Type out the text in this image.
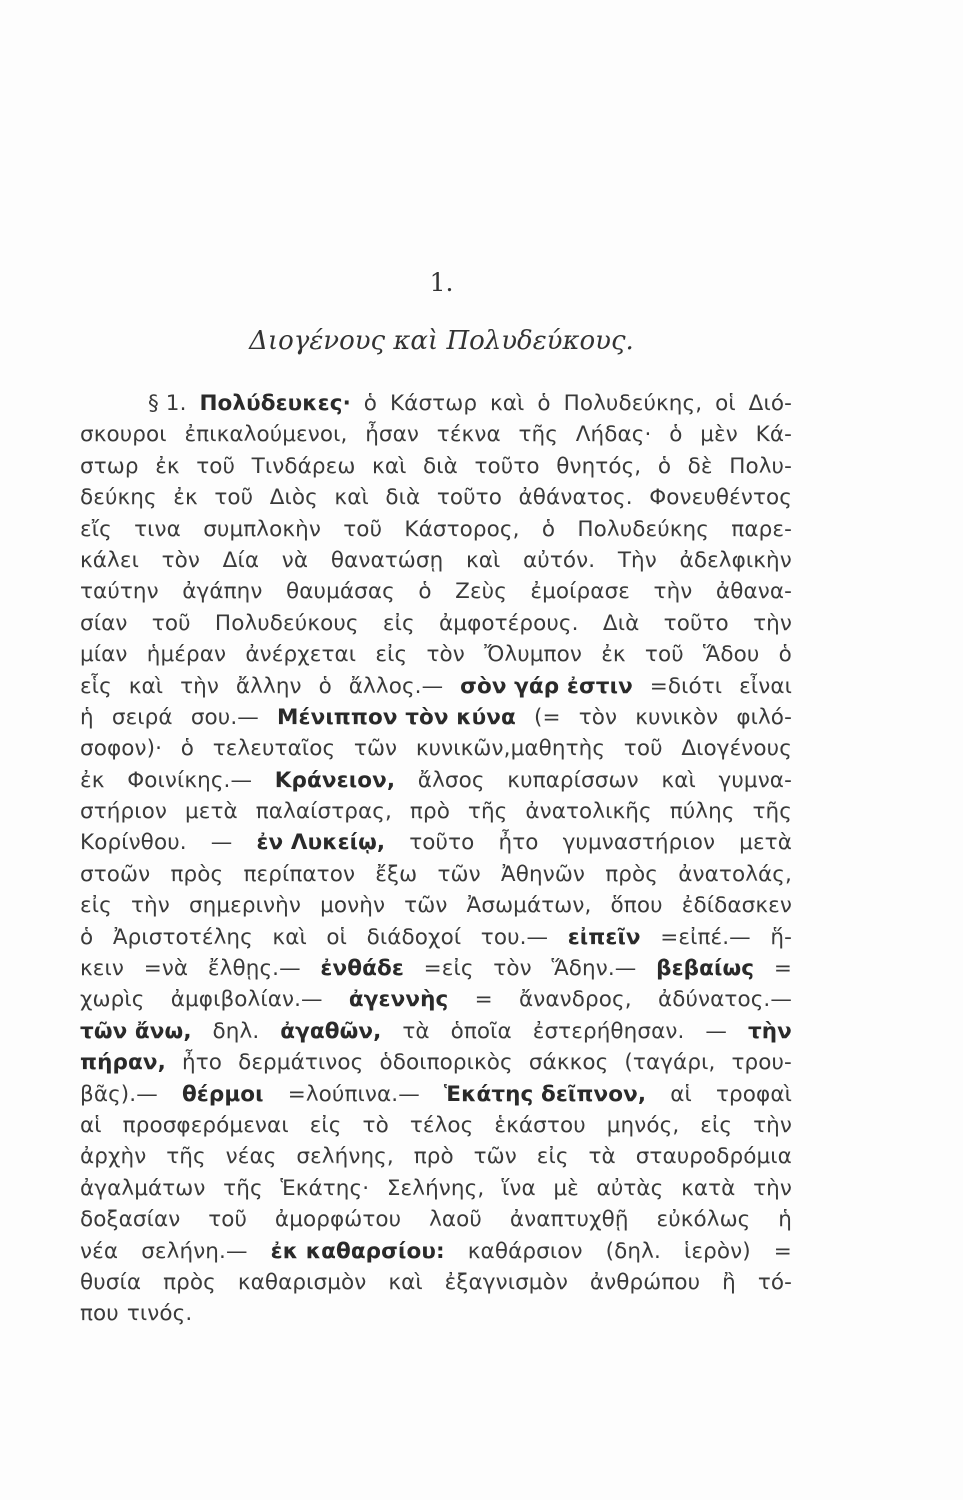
1.
Διογένους καὶ Πολυδεύκους.
§ 1. Πολύδευκες· ὁ Κάστωρ καὶ ὁ Πολυδεύκης, οἱ Διό-
σκουροι ἐπικαλούμενοι, ἦσαν τέκνα τῆς Λήδας· ὁ μὲν Κά-
στωρ ἐκ τοῦ Τινδάρεω καὶ διὰ τοῦτο θνητός, ὁ δὲ Πολυ-
δεύκης ἐκ τοῦ Διὸς καὶ διὰ τοῦτο ἀθάνατος. Φονευθέντος
εἴς τινα συμπλοκὴν τοῦ Κάστορος, ὁ Πολυδεύκης παρε-
κάλει τὸν Δία νὰ θανατώσῃ καὶ αὐτόν. Τὴν ἀδελφικὴν
ταύτην ἀγάπην θαυμάσας ὁ Ζεὺς ἐμοίρασε τὴν ἀθανα-
σίαν τοῦ Πολυδεύκους εἰς ἀμφοτέρους. Διὰ τοῦτο τὴν
μίαν ἡμέραν ἀνέρχεται εἰς τὸν Ὄλυμπον ἐκ τοῦ Ἅδου ὁ
εἷς καὶ τὴν ἄλλην ὁ ἄλλος.— σὸν γάρ ἐστιν =διότι εἶναι
ἡ σειρά σου.— Μένιππον τὸν κύνα (= τὸν κυνικὸν φιλό-
σοφον)· ὁ τελευταῖος τῶν κυνικῶν,μαθητὴς τοῦ Διογένους
ἐκ Φοινίκης.— Κράνειον, ἄλσος κυπαρίσσων καὶ γυμνα-
στήριον μετὰ παλαίστρας, πρὸ τῆς ἀνατολικῆς πύλης τῆς
Κορίνθου. — ἐν Λυκείῳ, τοῦτο ἦτο γυμναστήριον μετὰ
στοῶν πρὸς περίπατον ἔξω τῶν Ἀθηνῶν πρὸς ἀνατολάς,
εἰς τὴν σημερινὴν μονὴν τῶν Ἀσωμάτων, ὅπου ἐδίδασκεν
ὁ Ἀριστοτέλης καὶ οἱ διάδοχοί του.— εἰπεῖν =εἰπέ.— ἥ-
κειν =νὰ ἔλθῃς.— ἐνθάδε =εἰς τὸν Ἅδην.— βεβαίως =
χωρὶς ἀμφιβολίαν.— ἀγεννὴς = ἄνανδρος, ἀδύνατος.—
τῶν ἄνω, δηλ. ἀγαθῶν, τὰ ὁποῖα ἐστερήθησαν. — τὴν
πήραν, ἦτο δερμάτινος ὁδοιπορικὸς σάκκος (ταγάρι, τρου-
βᾶς).— θέρμοι =λούπινα.— Ἑκάτης δεῖπνον, αἱ τροφαὶ
αἱ προσφερόμεναι εἰς τὸ τέλος ἑκάστου μηνός, εἰς τὴν
ἀρχὴν τῆς νέας σελήνης, πρὸ τῶν εἰς τὰ σταυροδρόμια
ἀγαλμάτων τῆς Ἑκάτης· Σελήνης, ἵνα μὲ αὐτὰς κατὰ τὴν
δοξασίαν τοῦ ἀμορφώτου λαοῦ ἀναπτυχθῇ εὐκόλως ἡ
νέα σελήνη.— ἐκ καθαρσίου: καθάρσιον (δηλ. ἱερὸν) =
θυσία πρὸς καθαρισμὸν καὶ ἐξαγνισμὸν ἀνθρώπου ἢ τό-
που τινός.
